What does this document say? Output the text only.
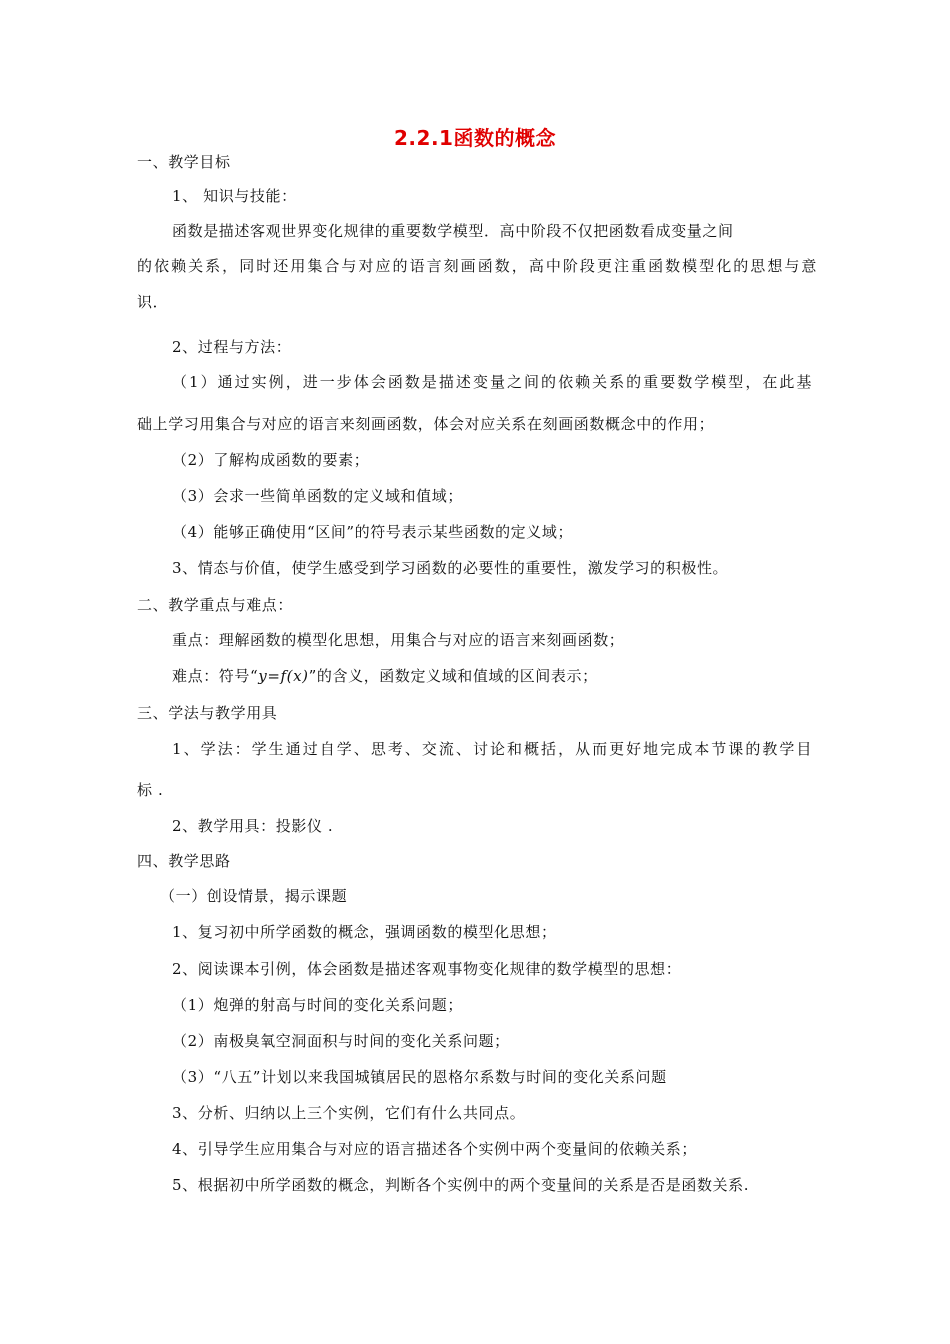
2.2.1函数的概念
一、教学目标
1、 知识与技能：
函数是描述客观世界变化规律的重要数学模型．高中阶段不仅把函数看成变量之间
的依赖关系，同时还用集合与对应的语言刻画函数，高中阶段更注重函数模型化的思想与意
识．
2、过程与方法：
（1）通过实例，进一步体会函数是描述变量之间的依赖关系的重要数学模型，在此基
础上学习用集合与对应的语言来刻画函数，体会对应关系在刻画函数概念中的作用；
（2）了解构成函数的要素；
（3）会求一些简单函数的定义域和值域；
（4）能够正确使用“区间”的符号表示某些函数的定义域；
3、情态与价值，使学生感受到学习函数的必要性的重要性，激发学习的积极性。
二、教学重点与难点：
重点：理解函数的模型化思想，用集合与对应的语言来刻画函数；
难点：符号“y=f(x)”的含义，函数定义域和值域的区间表示；
三、学法与教学用具
1、学法：学生通过自学、思考、交流、讨论和概括，从而更好地完成本节课的教学目
标 .
2、教学用具：投影仪 .
四、教学思路
（一）创设情景，揭示课题
1、复习初中所学函数的概念，强调函数的模型化思想；
2、阅读课本引例，体会函数是描述客观事物变化规律的数学模型的思想：
（1）炮弹的射高与时间的变化关系问题；
（2）南极臭氧空洞面积与时间的变化关系问题；
（3）“八五”计划以来我国城镇居民的恩格尔系数与时间的变化关系问题
3、分析、归纳以上三个实例，它们有什么共同点。
4、引导学生应用集合与对应的语言描述各个实例中两个变量间的依赖关系；
5、根据初中所学函数的概念，判断各个实例中的两个变量间的关系是否是函数关系.
